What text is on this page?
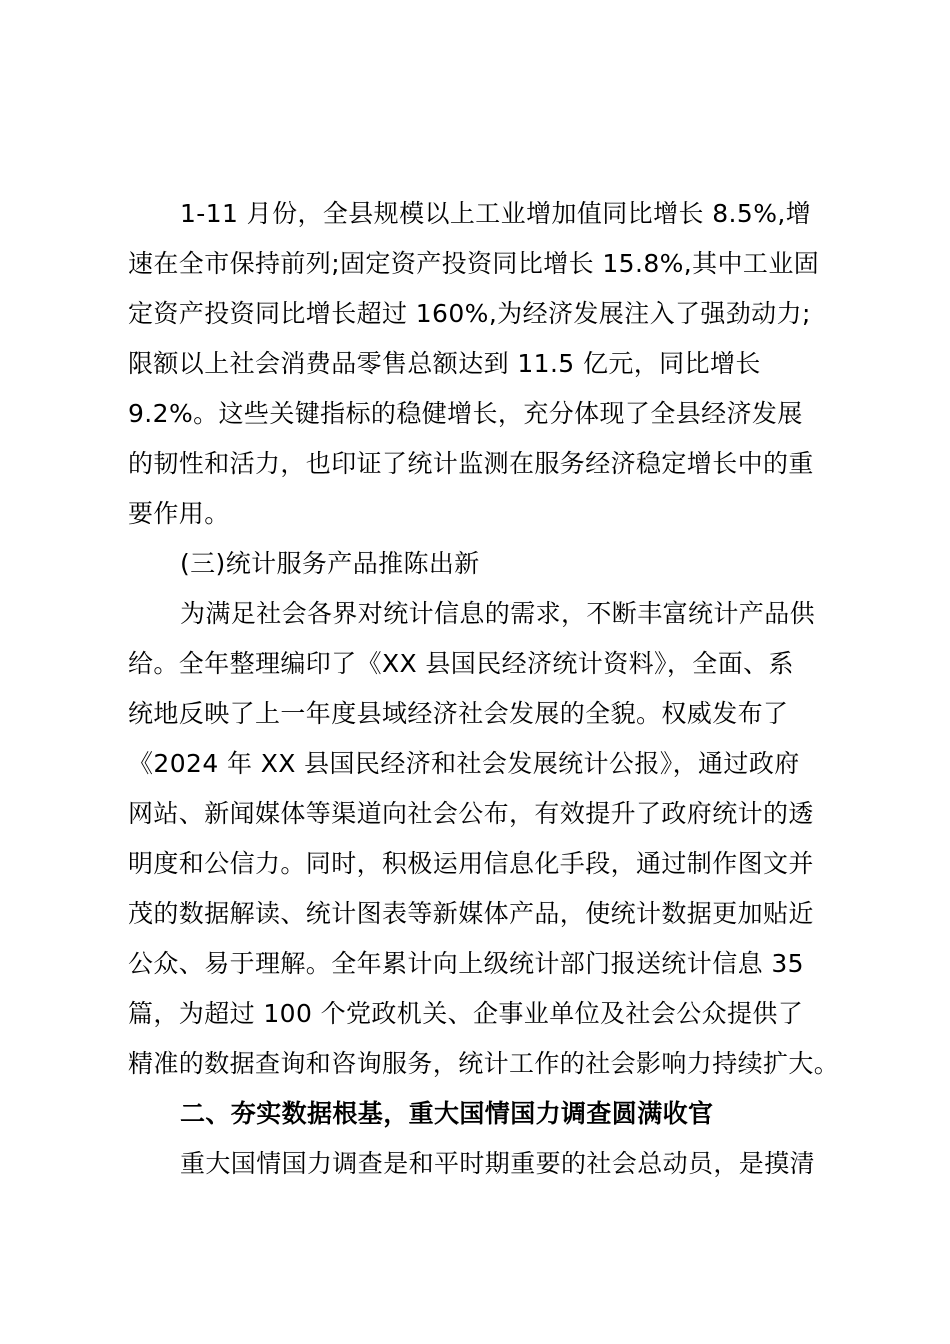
1-11 月份，全县规模以上工业增加值同比增长 8.5%,增
速在全市保持前列;固定资产投资同比增长 15.8%,其中工业固
定资产投资同比增长超过 160%,为经济发展注入了强劲动力;
限额以上社会消费品零售总额达到 11.5 亿元，同比增长
9.2%。这些关键指标的稳健增长，充分体现了全县经济发展
的韧性和活力，也印证了统计监测在服务经济稳定增长中的重
要作用。
(三)统计服务产品推陈出新
为满足社会各界对统计信息的需求，不断丰富统计产品供
给。全年整理编印了《XX 县国民经济统计资料》，全面、系
统地反映了上一年度县域经济社会发展的全貌。权威发布了
《2024 年 XX 县国民经济和社会发展统计公报》，通过政府
网站、新闻媒体等渠道向社会公布，有效提升了政府统计的透
明度和公信力。同时，积极运用信息化手段，通过制作图文并
茂的数据解读、统计图表等新媒体产品，使统计数据更加贴近
公众、易于理解。全年累计向上级统计部门报送统计信息 35
篇，为超过 100 个党政机关、企事业单位及社会公众提供了
精准的数据查询和咨询服务，统计工作的社会影响力持续扩大。
二、夯实数据根基，重大国情国力调查圆满收官
重大国情国力调查是和平时期重要的社会总动员，是摸清
